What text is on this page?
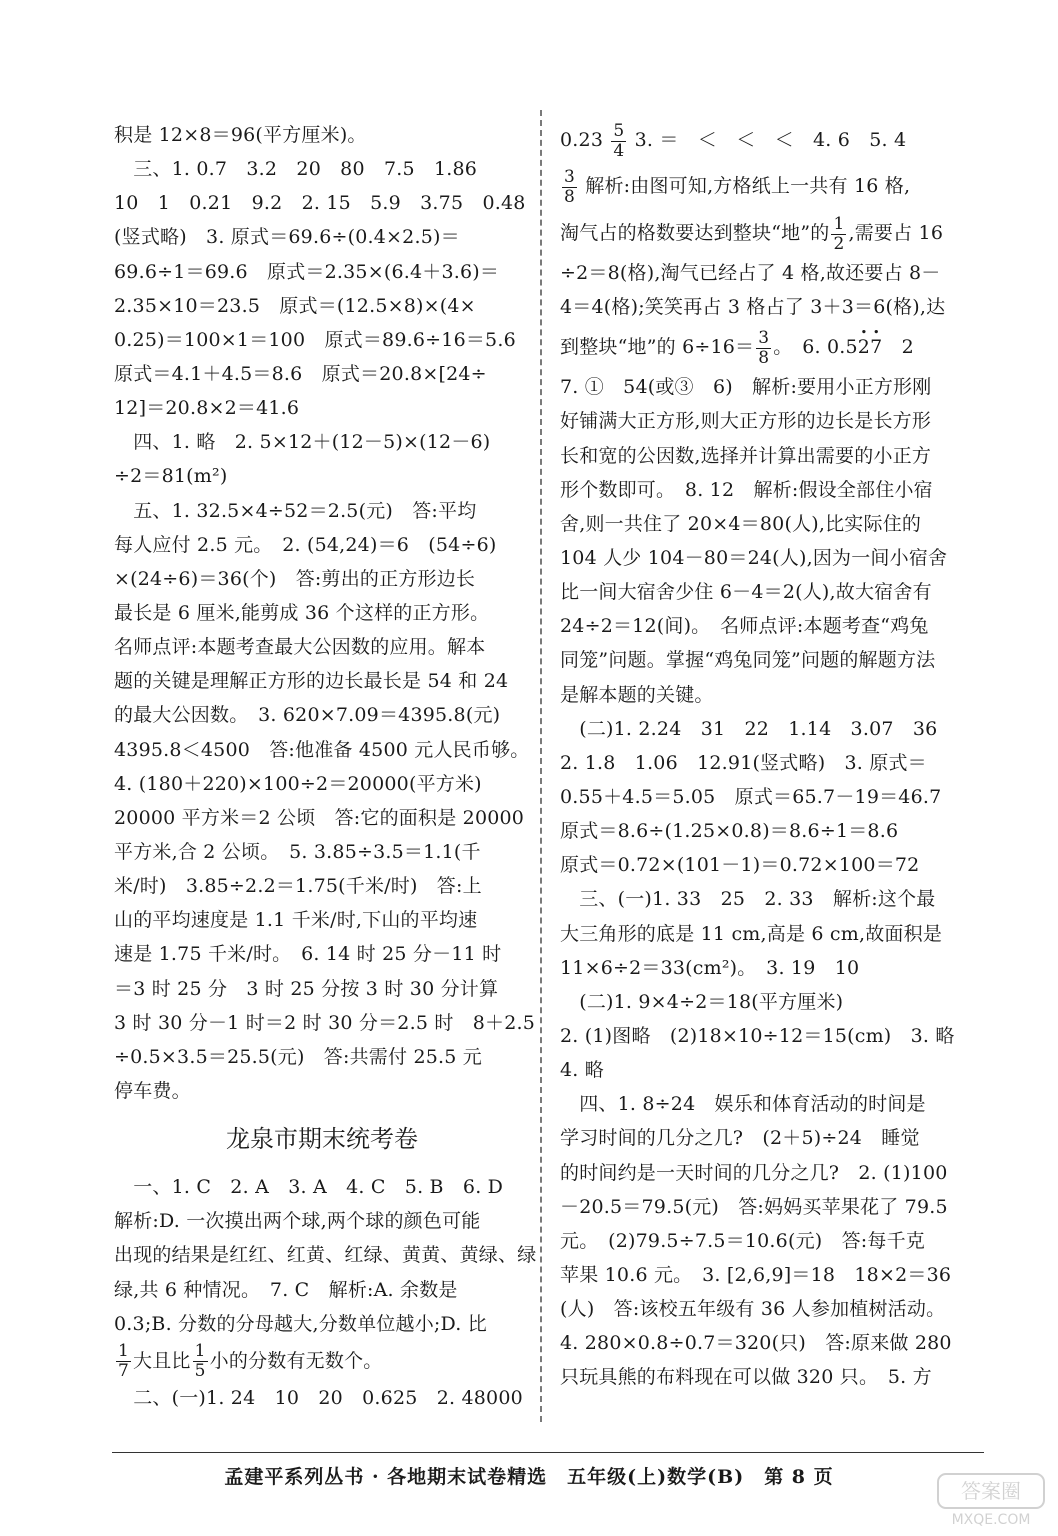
积是 12×8＝96(平方厘米)。
　三、1. 0.7　3.2　20　80　7.5　1.86
10　1　0.21　9.2　2. 15　5.9　3.75　0.48
(竖式略)　3. 原式＝69.6÷(0.4×2.5)＝
69.6÷1＝69.6　原式＝2.35×(6.4＋3.6)＝
2.35×10＝23.5　原式＝(12.5×8)×(4×
0.25)＝100×1＝100　原式＝89.6÷16＝5.6
原式＝4.1＋4.5＝8.6　原式＝20.8×[24÷
12]＝20.8×2＝41.6
　四、1. 略　2. 5×12＋(12－5)×(12－6)
÷2＝81(m²)
　五、1. 32.5×4÷52＝2.5(元)　答:平均
每人应付 2.5 元。　2. (54,24)＝6　(54÷6)
×(24÷6)＝36(个)　答:剪出的正方形边长
最长是 6 厘米,能剪成 36 个这样的正方形。
名师点评:本题考查最大公因数的应用。解本
题的关键是理解正方形的边长最长是 54 和 24
的最大公因数。　3. 620×7.09＝4395.8(元)
4395.8＜4500　答:他准备 4500 元人民币够。
4. (180＋220)×100÷2＝20000(平方米)
20000 平方米＝2 公顷　答:它的面积是 20000
平方米,合 2 公顷。　5. 3.85÷3.5＝1.1(千
米/时)　3.85÷2.2＝1.75(千米/时)　答:上
山的平均速度是 1.1 千米/时,下山的平均速
速是 1.75 千米/时。　6. 14 时 25 分－11 时
＝3 时 25 分　3 时 25 分按 3 时 30 分计算
3 时 30 分－1 时＝2 时 30 分＝2.5 时　8＋2.5
÷0.5×3.5＝25.5(元)　答:共需付 25.5 元
停车费。
龙泉市期末统考卷
　一、1. C　2. A　3. A　4. C　5. B　6. D
解析:D. 一次摸出两个球,两个球的颜色可能
出现的结果是红红、红黄、红绿、黄黄、黄绿、绿
绿,共 6 种情况。　7. C　解析:A. 余数是
0.3;B. 分数的分母越大,分数单位越小;D. 比
$\frac{1}{7}$ 大且比 $\frac{1}{5}$ 小的分数有无数个。
　二、(一)1. 24　10　20　0.625　2. 48000
$0.23 \frac{5}{4} 3$. ＝　＜　＜　＜　4. 6　5. 4
$\frac{3}{8}$ 解析:由图可知,方格纸上一共有 16 格,
淘气占的格数要达到整块“地”的 $\frac{1}{2}$ ,需要占 16
÷2＝8(格),淘气已经占了 4 格,故还要占 8－
4＝4(格);笑笑再占 3 格占了 3＋3＝6(格),达
到整块“地”的 $6\div 16= \frac{3}{8}$ 。　6. 0.5. 2. 7　2
7. ①　54(或③　6)　解析:要用小正方形刚
好铺满大正方形,则大正方形的边长是长方形
长和宽的公因数,选择并计算出需要的小正方
形个数即可。　8. 12　解析:假设全部住小宿
舍,则一共住了 20×4＝80(人),比实际住的
104 人少 104－80＝24(人),因为一间小宿舍
比一间大宿舍少住 6－4＝2(人),故大宿舍有
24÷2＝12(间)。　名师点评:本题考查“鸡兔
同笼”问题。掌握“鸡兔同笼”问题的解题方法
是解本题的关键。
　(二)1. 2.24　31　22　1.14　3.07　36
2. 1.8　1.06　12.91(竖式略)　3. 原式＝
0.55＋4.5＝5.05　原式＝65.7－19＝46.7
原式＝8.6÷(1.25×0.8)＝8.6÷1＝8.6
原式＝0.72×(101－1)＝0.72×100＝72
　三、(一)1. 33　25　2. 33　解析:这个最
大三角形的底是 11 cm,高是 6 cm,故面积是
11×6÷2＝33(cm²)。　3. 19　10
　(二)1. 9×4÷2＝18(平方厘米)
2. (1)图略　(2)18×10÷12＝15(cm)　3. 略
4. 略
　四、1. 8÷24　娱乐和体育活动的时间是
学习时间的几分之几?　(2＋5)÷24　睡觉
的时间约是一天时间的几分之几?　2. (1)100
－20.5＝79.5(元)　答:妈妈买苹果花了 79.5
元。　(2)79.5÷7.5＝10.6(元)　答:每千克
苹果 10.6 元。　3. [2,6,9]＝18　18×2＝36
(人)　答:该校五年级有 36 人参加植树活动。
4. 280×0.8÷0.7＝320(只)　答:原来做 280
只玩具熊的布料现在可以做 320 只。　5. 方
孟建平系列丛书 · 各地期末试卷精选　五年级(上)数学(B)　第 8 页
答案圈
MXQE.COM
